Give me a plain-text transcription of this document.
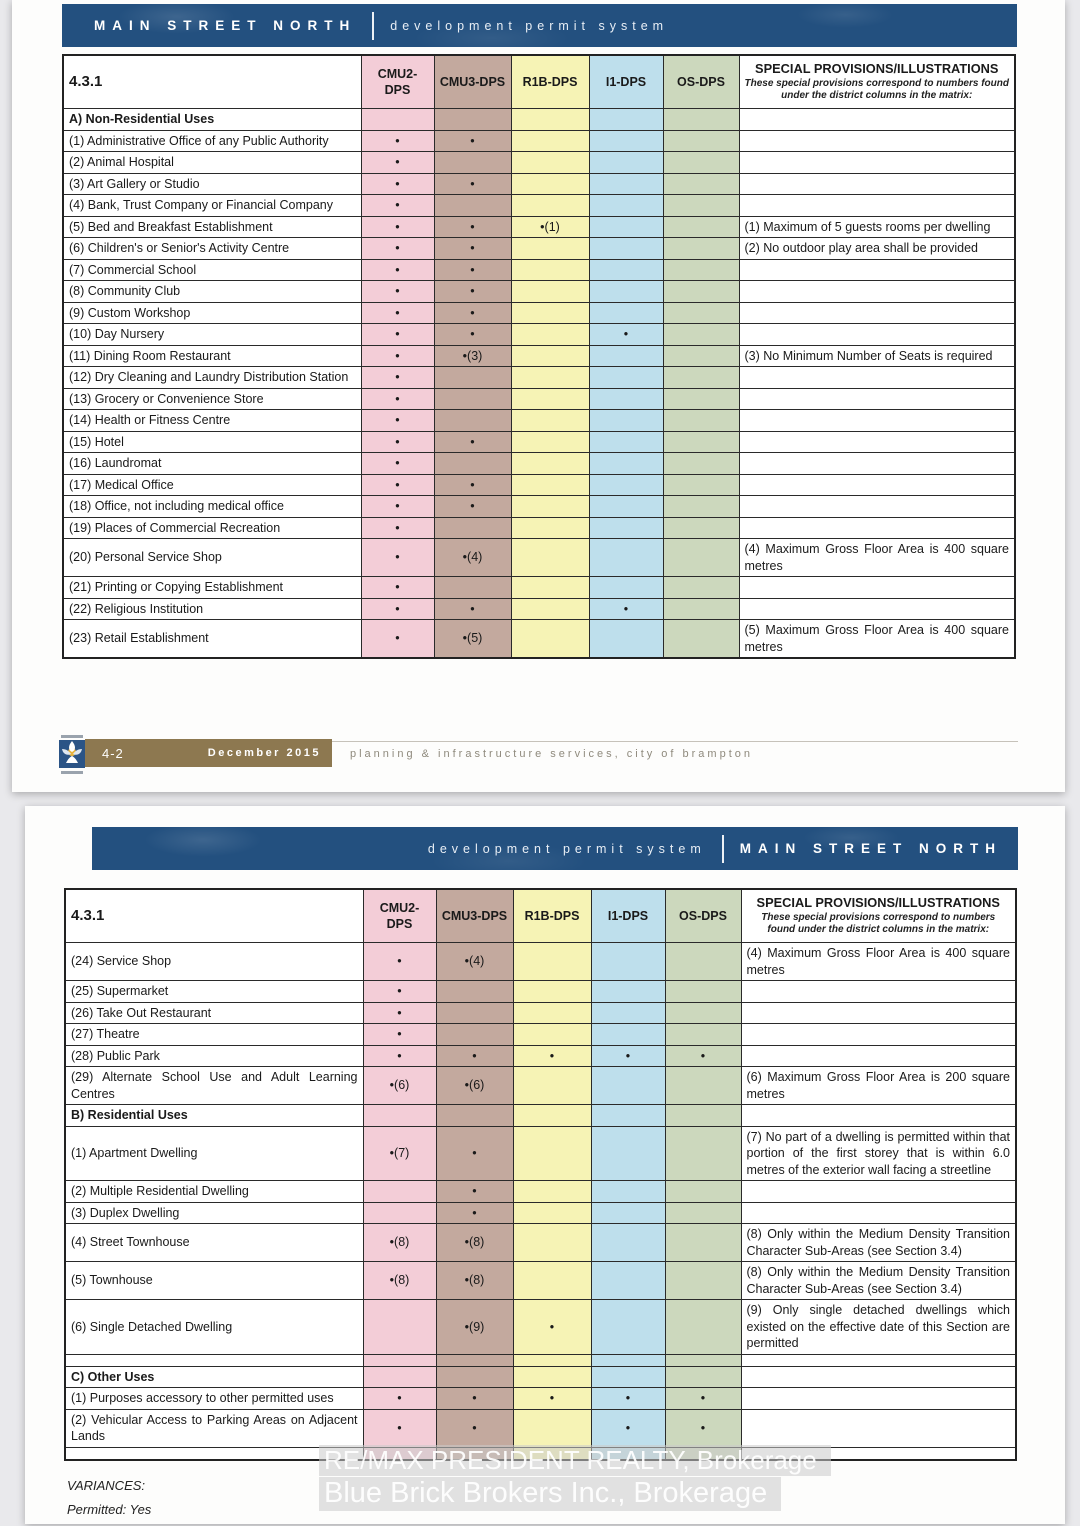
MAIN STREET NORTH	development permit system
4.3.1	CMU2-DPS	CMU3-DPS	R1B-DPS	I1-DPS	OS-DPS	SPECIAL PROVISIONS/ILLUSTRATIONS
These special provisions correspond to numbers found under the district columns in the matrix:

A) Non-Residential Uses						
(1) Administrative Office of any Public Authority	•	•				
(2) Animal Hospital	•					
(3) Art Gallery or Studio	•	•				
(4) Bank, Trust Company or Financial Company	•					
(5) Bed and Breakfast Establishment	•	•	•(1)			(1) Maximum of 5 guests rooms per dwelling
(6) Children's or Senior's Activity Centre	•	•				(2) No outdoor play area shall be provided
(7) Commercial School	•	•				
(8) Community Club	•	•				
(9) Custom Workshop	•	•				
(10) Day Nursery	•	•		•		
(11) Dining Room Restaurant	•	•(3)				(3) No Minimum Number of Seats is required
(12) Dry Cleaning and Laundry Distribution Station	•					
(13) Grocery or Convenience Store	•					
(14) Health or Fitness Centre	•					
(15) Hotel	•	•				
(16) Laundromat	•					
(17) Medical Office	•	•				
(18) Office, not including medical office	•	•				
(19) Places of Commercial Recreation	•					
(20) Personal Service Shop	•	•(4)				(4) Maximum Gross Floor Area is 400 square metres
(21) Printing or Copying Establishment	•					
(22) Religious Institution	•	•		•		
(23) Retail Establishment	•	•(5)				(5) Maximum Gross Floor Area is 400 square metres
4-2	December 2015	planning & infrastructure services, city of brampton
development permit system	MAIN STREET NORTH
4.3.1	CMU2-DPS	CMU3-DPS	R1B-DPS	I1-DPS	OS-DPS	SPECIAL PROVISIONS/ILLUSTRATIONS
These special provisions correspond to numbers found under the district columns in the matrix:

(24) Service Shop	•	•(4)				(4) Maximum Gross Floor Area is 400 square metres
(25) Supermarket	•					
(26) Take Out Restaurant	•					
(27) Theatre	•					
(28) Public Park	•	•	•	•	•	
(29) Alternate School Use and Adult Learning Centres	•(6)	•(6)				(6) Maximum Gross Floor Area is 200 square metres
B) Residential Uses						
(1) Apartment Dwelling	•(7)	•				(7) No part of a dwelling is permitted within that portion of the first storey that is within 6.0 metres of the exterior wall facing a streetline
(2) Multiple Residential Dwelling		•				
(3) Duplex Dwelling		•				
(4) Street Townhouse	•(8)	•(8)				(8) Only within the Medium Density Transition Character Sub-Areas (see Section 3.4)
(5) Townhouse	•(8)	•(8)				(8) Only within the Medium Density Transition Character Sub-Areas (see Section 3.4)
(6) Single Detached Dwelling		•(9)	•			(9) Only single detached dwellings which existed on the effective date of this Section are permitted

C) Other Uses						
(1) Purposes accessory to other permitted uses	•	•	•	•	•	
(2) Vehicular Access to Parking Areas on Adjacent Lands	•	•		•	•	

VARIANCES:
Permitted: Yes
RE/MAX PRESIDENT REALTY, Brokerage
Blue Brick Brokers Inc., Brokerage
